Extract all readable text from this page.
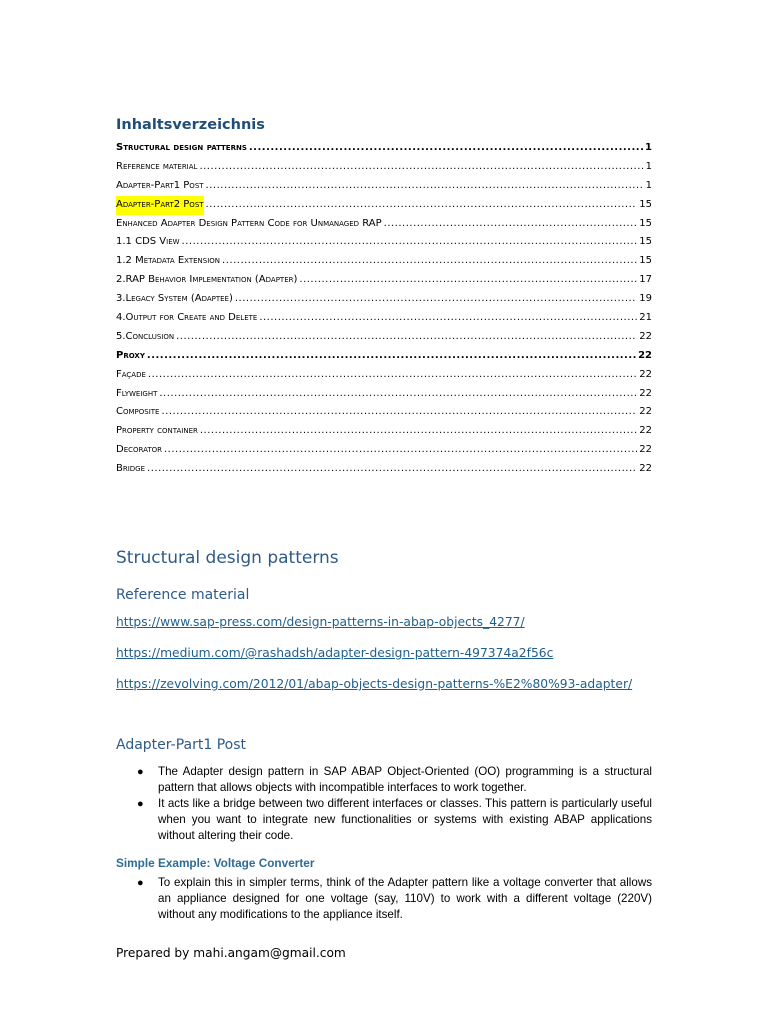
Inhaltsverzeichnis
Structural design patterns .....	1
Reference material .....	1
Adapter-Part1 Post .....	1
Adapter-Part2 Post .....	15
Enhanced Adapter Design Pattern Code for Unmanaged RAP .....	15
1.1 CDS View .....	15
1.2 Metadata Extension .....	15
2.RAP Behavior Implementation (Adapter) .....	17
3.Legacy System (Adaptee) .....	19
4.Output for Create and Delete .....	21
5.Conclusion .....	22
Proxy .....	22
Façade .....	22
Flyweight .....	22
Composite .....	22
Property container .....	22
Decorator .....	22
Bridge .....	22
Structural design patterns
Reference material
https://www.sap-press.com/design-patterns-in-abap-objects_4277/
https://medium.com/@rashadsh/adapter-design-pattern-497374a2f56c
https://zevolving.com/2012/01/abap-objects-design-patterns-%E2%80%93-adapter/
Adapter-Part1 Post
● The Adapter design pattern in SAP ABAP Object-Oriented (OO) programming is a structural pattern that allows objects with incompatible interfaces to work together.
● It acts like a bridge between two different interfaces or classes. This pattern is particularly useful when you want to integrate new functionalities or systems with existing ABAP applications without altering their code.
Simple Example: Voltage Converter
● To explain this in simpler terms, think of the Adapter pattern like a voltage converter that allows an appliance designed for one voltage (say, 110V) to work with a different voltage (220V) without any modifications to the appliance itself.

Prepared by mahi.angam@gmail.com
